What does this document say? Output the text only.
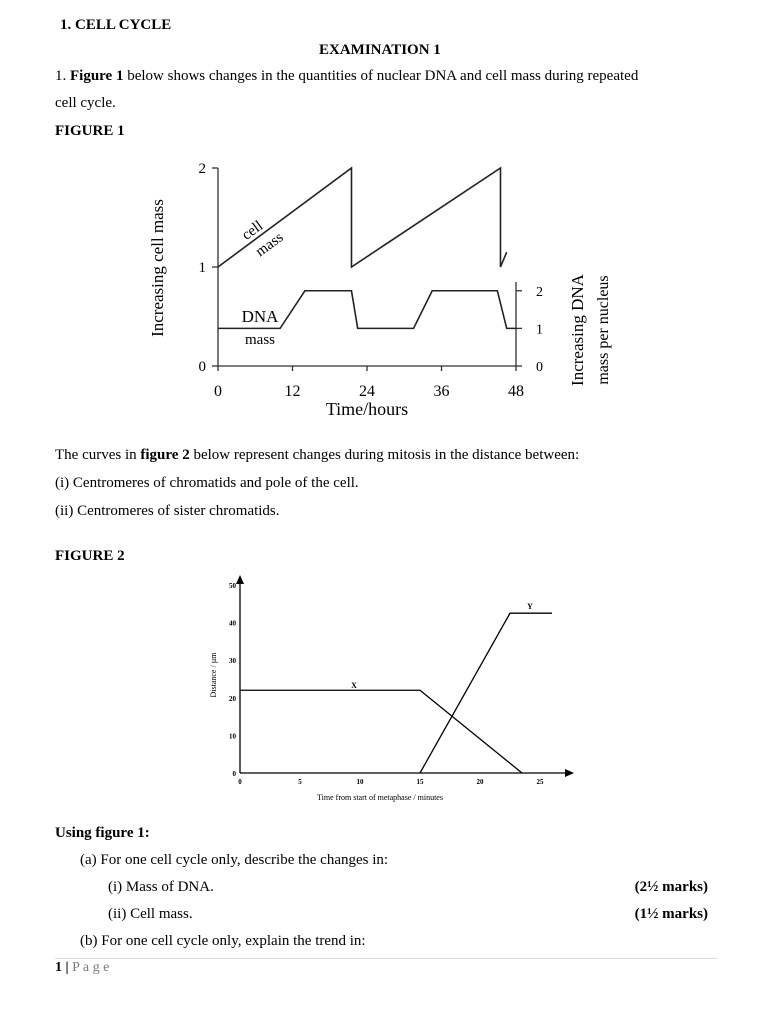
1. CELL CYCLE
EXAMINATION 1
1. Figure 1 below shows changes in the quantities of nuclear DNA and cell mass during repeated
cell cycle.
FIGURE 1
0
1
2
0
1
2
0	12	24	36	48
Time/hours
Increasing cell mass	Increasing DNA mass per nucleus
cell
mass
DNA
mass
The curves in figure 2 below represent changes during mitosis in the distance between:
(i) Centromeres of chromatids and pole of the cell.
(ii) Centromeres of sister chromatids.
FIGURE 2
0
10
20
30
40
50
0	5	10	15	20	25
Time from start of metaphase / minutes
Distance / µm	X
Y
Using figure 1:
(a) For one cell cycle only, describe the changes in:
(i) Mass of DNA.	(2½ marks)
(ii) Cell mass.	(1½ marks)
(b) For one cell cycle only, explain the trend in:
1 | P a g e
